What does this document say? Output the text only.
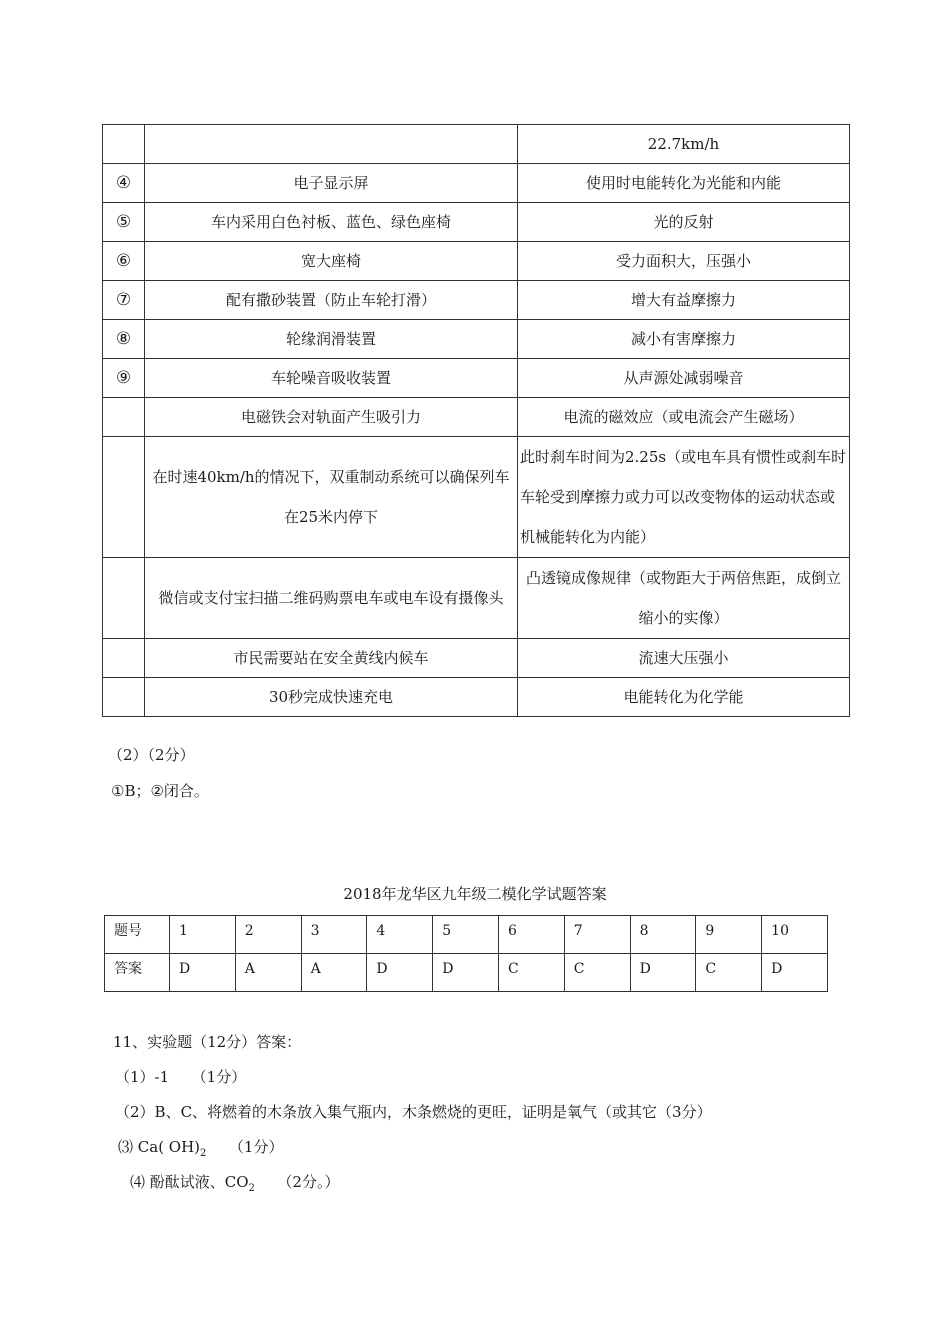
		22.7km/h
④	电子显示屏	使用时电能转化为光能和内能
⑤	车内采用白色衬板、蓝色、绿色座椅	光的反射
⑥	宽大座椅	受力面积大，压强小
⑦	配有撒砂装置（防止车轮打滑）	增大有益摩擦力
⑧	轮缘润滑装置	减小有害摩擦力
⑨	车轮噪音吸收装置	从声源处减弱噪音
	电磁铁会对轨面产生吸引力	电流的磁效应（或电流会产生磁场）
	在时速40km/h的情况下，双重制动系统可以确保列车在25米内停下	此时刹车时间为2.25s（或电车具有惯性或刹车时车轮受到摩擦力或力可以改变物体的运动状态或机械能转化为内能）
	微信或支付宝扫描二维码购票电车或电车设有摄像头	凸透镜成像规律（或物距大于两倍焦距，成倒立缩小的实像）
	市民需要站在安全黄线内候车	流速大压强小
	30秒完成快速充电	电能转化为化学能
（2）（2分）
①B；②闭合。
2018年龙华区九年级二模化学试题答案
题号	1	2	3	4	5	6	7	8	9	10
答案	D	A	A	D	D	C	C	D	C	D
11、实验题（12分）答案：
（1）-1　　（1分）
（2）B、C、将燃着的木条放入集气瓶内，木条燃烧的更旺，证明是氧气（或其它（3分）
⑶ Ca( $OH)_2$　　（1分）
⑷ 酚酞试液、$CO_2$　　（2分。）
